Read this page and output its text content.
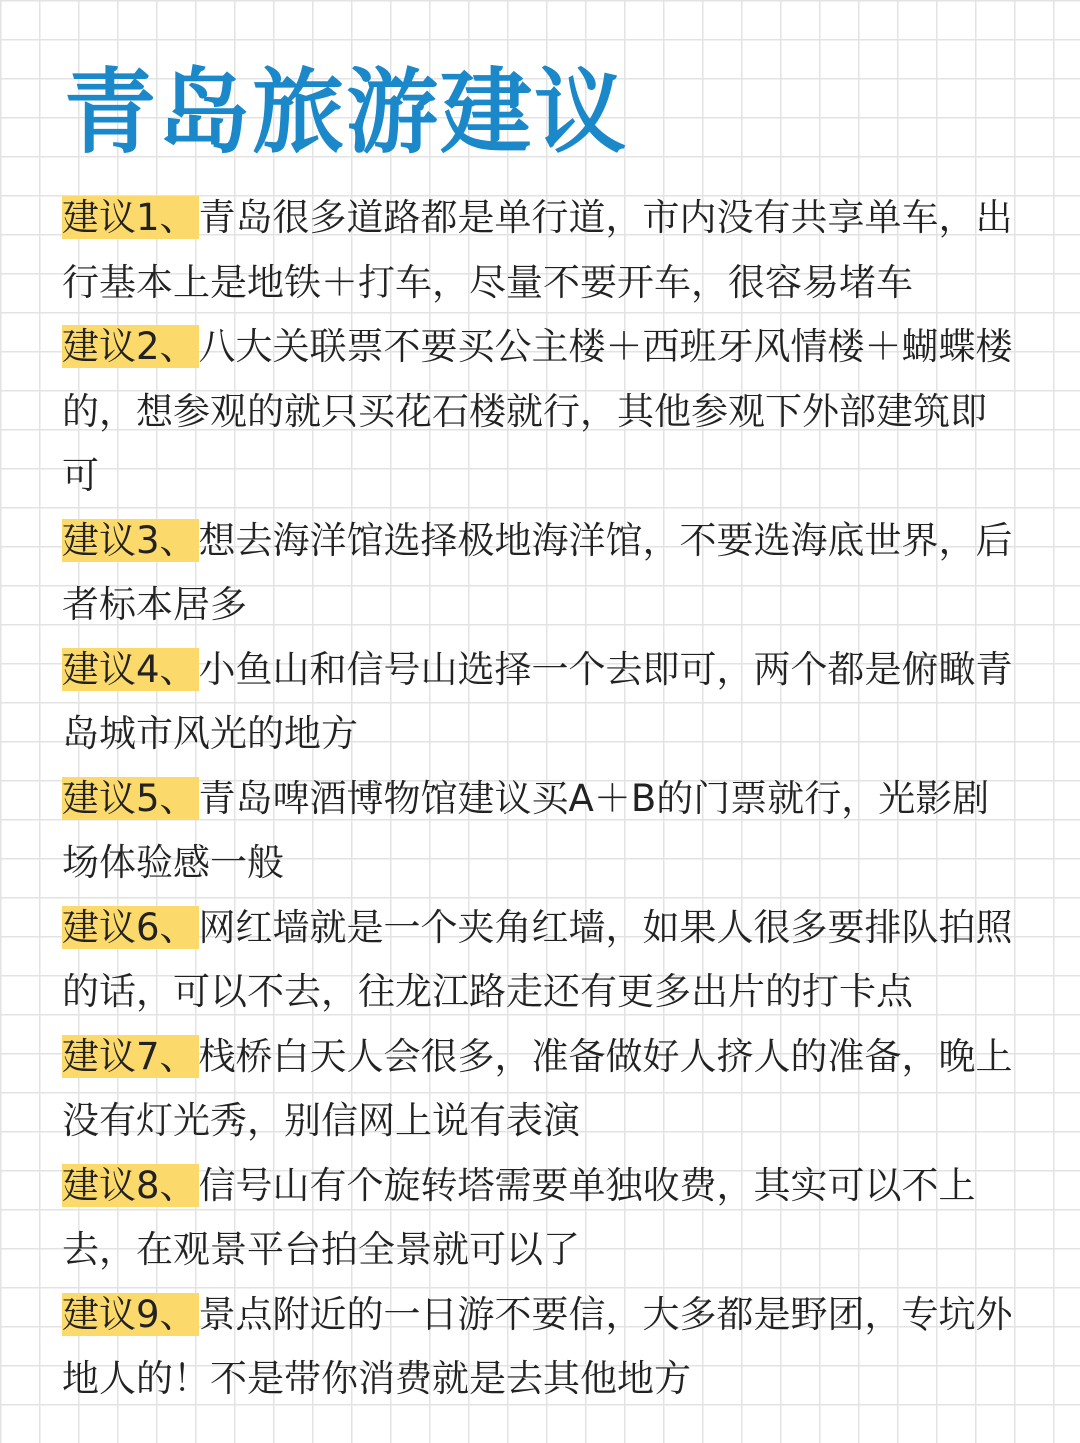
青岛旅游建议
建议1、青岛很多道路都是单行道，市内没有共享单车，出行基本上是地铁＋打车，尽量不要开车，很容易堵车
建议2、八大关联票不要买公主楼＋西班牙风情楼＋蝴蝶楼的，想参观的就只买花石楼就行，其他参观下外部建筑即可
建议3、想去海洋馆选择极地海洋馆，不要选海底世界，后者标本居多
建议4、小鱼山和信号山选择一个去即可，两个都是俯瞰青岛城市风光的地方
建议5、青岛啤酒博物馆建议买A＋B的门票就行，光影剧场体验感一般
建议6、网红墙就是一个夹角红墙，如果人很多要排队拍照的话，可以不去，往龙江路走还有更多出片的打卡点
建议7、栈桥白天人会很多，准备做好人挤人的准备，晚上没有灯光秀，别信网上说有表演
建议8、信号山有个旋转塔需要单独收费，其实可以不上去，在观景平台拍全景就可以了
建议9、景点附近的一日游不要信，大多都是野团，专坑外地人的！不是带你消费就是去其他地方
